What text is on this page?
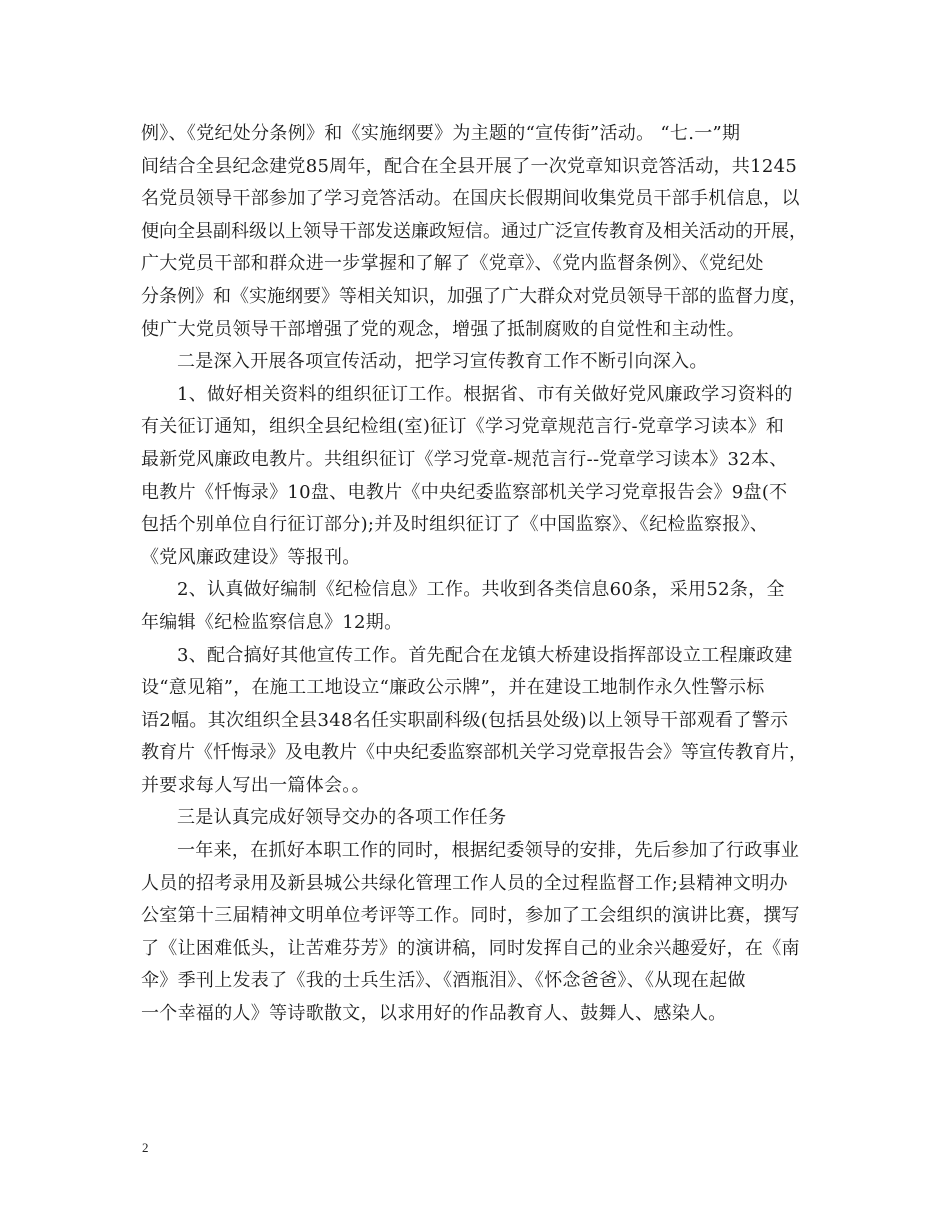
例》、《党纪处分条例》和《实施纲要》为主题的“宣传街”活动。 “七.一”期
间结合全县纪念建党85周年，配合在全县开展了一次党章知识竞答活动，共1245
名党员领导干部参加了学习竞答活动。在国庆长假期间收集党员干部手机信息，以
便向全县副科级以上领导干部发送廉政短信。通过广泛宣传教育及相关活动的开展，
广大党员干部和群众进一步掌握和了解了《党章》、《党内监督条例》、《党纪处
分条例》和《实施纲要》等相关知识，加强了广大群众对党员领导干部的监督力度，
使广大党员领导干部增强了党的观念，增强了抵制腐败的自觉性和主动性。
二是深入开展各项宣传活动，把学习宣传教育工作不断引向深入。
1、做好相关资料的组织征订工作。根据省、市有关做好党风廉政学习资料的
有关征订通知，组织全县纪检组(室)征订《学习党章规范言行-党章学习读本》和
最新党风廉政电教片。共组织征订《学习党章-规范言行--党章学习读本》32本、
电教片《忏悔录》10盘、电教片《中央纪委监察部机关学习党章报告会》9盘(不
包括个别单位自行征订部分);并及时组织征订了《中国监察》、《纪检监察报》、
《党风廉政建设》等报刊。
2、认真做好编制《纪检信息》工作。共收到各类信息60条，采用52条，全
年编辑《纪检监察信息》12期。
3、配合搞好其他宣传工作。首先配合在龙镇大桥建设指挥部设立工程廉政建
设“意见箱”，在施工工地设立“廉政公示牌”，并在建设工地制作永久性警示标
语2幅。其次组织全县348名任实职副科级(包括县处级)以上领导干部观看了警示
教育片《忏悔录》及电教片《中央纪委监察部机关学习党章报告会》等宣传教育片，
并要求每人写出一篇体会。。
三是认真完成好领导交办的各项工作任务
一年来，在抓好本职工作的同时，根据纪委领导的安排，先后参加了行政事业
人员的招考录用及新县城公共绿化管理工作人员的全过程监督工作;县精神文明办
公室第十三届精神文明单位考评等工作。同时，参加了工会组织的演讲比赛，撰写
了《让困难低头，让苦难芬芳》的演讲稿，同时发挥自己的业余兴趣爱好，在《南
伞》季刊上发表了《我的士兵生活》、《酒瓶泪》、《怀念爸爸》、《从现在起做
一个幸福的人》等诗歌散文，以求用好的作品教育人、鼓舞人、感染人。
2
